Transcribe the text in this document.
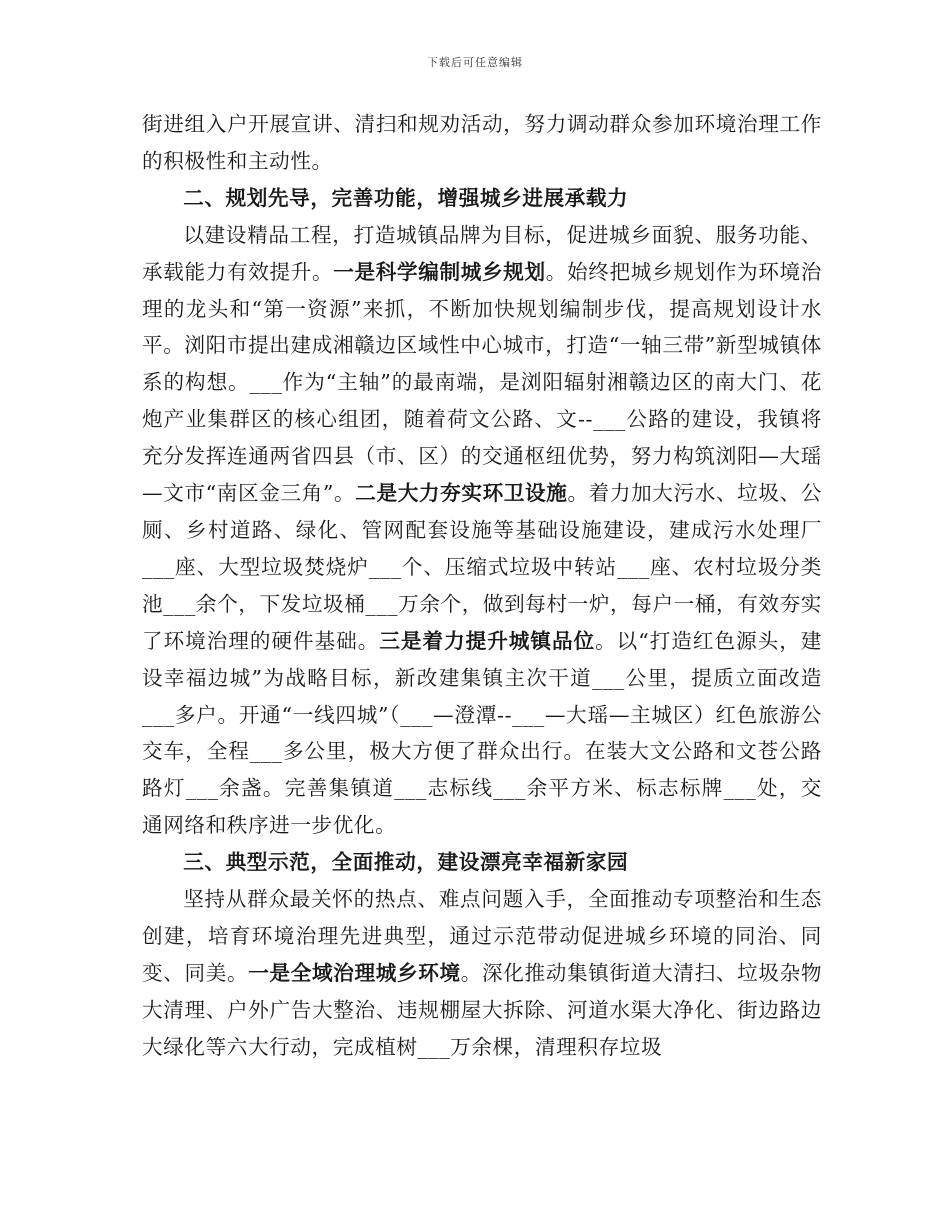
下载后可任意编辑

街进组入户开展宣讲、清扫和规劝活动，努力调动群众参加环境治理工作的积极性和主动性。

二、规划先导，完善功能，增强城乡进展承载力

以建设精品工程，打造城镇品牌为目标，促进城乡面貌、服务功能、承载能力有效提升。一是科学编制城乡规划。始终把城乡规划作为环境治理的龙头和“第一资源”来抓，不断加快规划编制步伐，提高规划设计水平。浏阳市提出建成湘赣边区域性中心城市，打造“一轴三带”新型城镇体系的构想。___作为“主轴”的最南端，是浏阳辐射湘赣边区的南大门、花炮产业集群区的核心组团，随着荷文公路、文--___公路的建设，我镇将充分发挥连通两省四县（市、区）的交通枢纽优势，努力构筑浏阳—大瑶—文市“南区金三角”。二是大力夯实环卫设施。着力加大污水、垃圾、公厕、乡村道路、绿化、管网配套设施等基础设施建设，建成污水处理厂___座、大型垃圾焚烧炉___个、压缩式垃圾中转站___座、农村垃圾分类池___余个，下发垃圾桶___万余个，做到每村一炉，每户一桶，有效夯实了环境治理的硬件基础。三是着力提升城镇品位。以“打造红色源头，建设幸福边城”为战略目标，新改建集镇主次干道___公里，提质立面改造___多户。开通“一线四城”（___—澄潭--___—大瑶—主城区）红色旅游公交车，全程___多公里，极大方便了群众出行。在装大文公路和文苍公路路灯___余盏。完善集镇道___志标线___余平方米、标志标牌___处，交通网络和秩序进一步优化。

三、典型示范，全面推动，建设漂亮幸福新家园

坚持从群众最关怀的热点、难点问题入手，全面推动专项整治和生态创建，培育环境治理先进典型，通过示范带动促进城乡环境的同治、同变、同美。一是全域治理城乡环境。深化推动集镇街道大清扫、垃圾杂物大清理、户外广告大整治、违规棚屋大拆除、河道水渠大净化、街边路边大绿化等六大行动，完成植树___万余棵，清理积存垃圾
